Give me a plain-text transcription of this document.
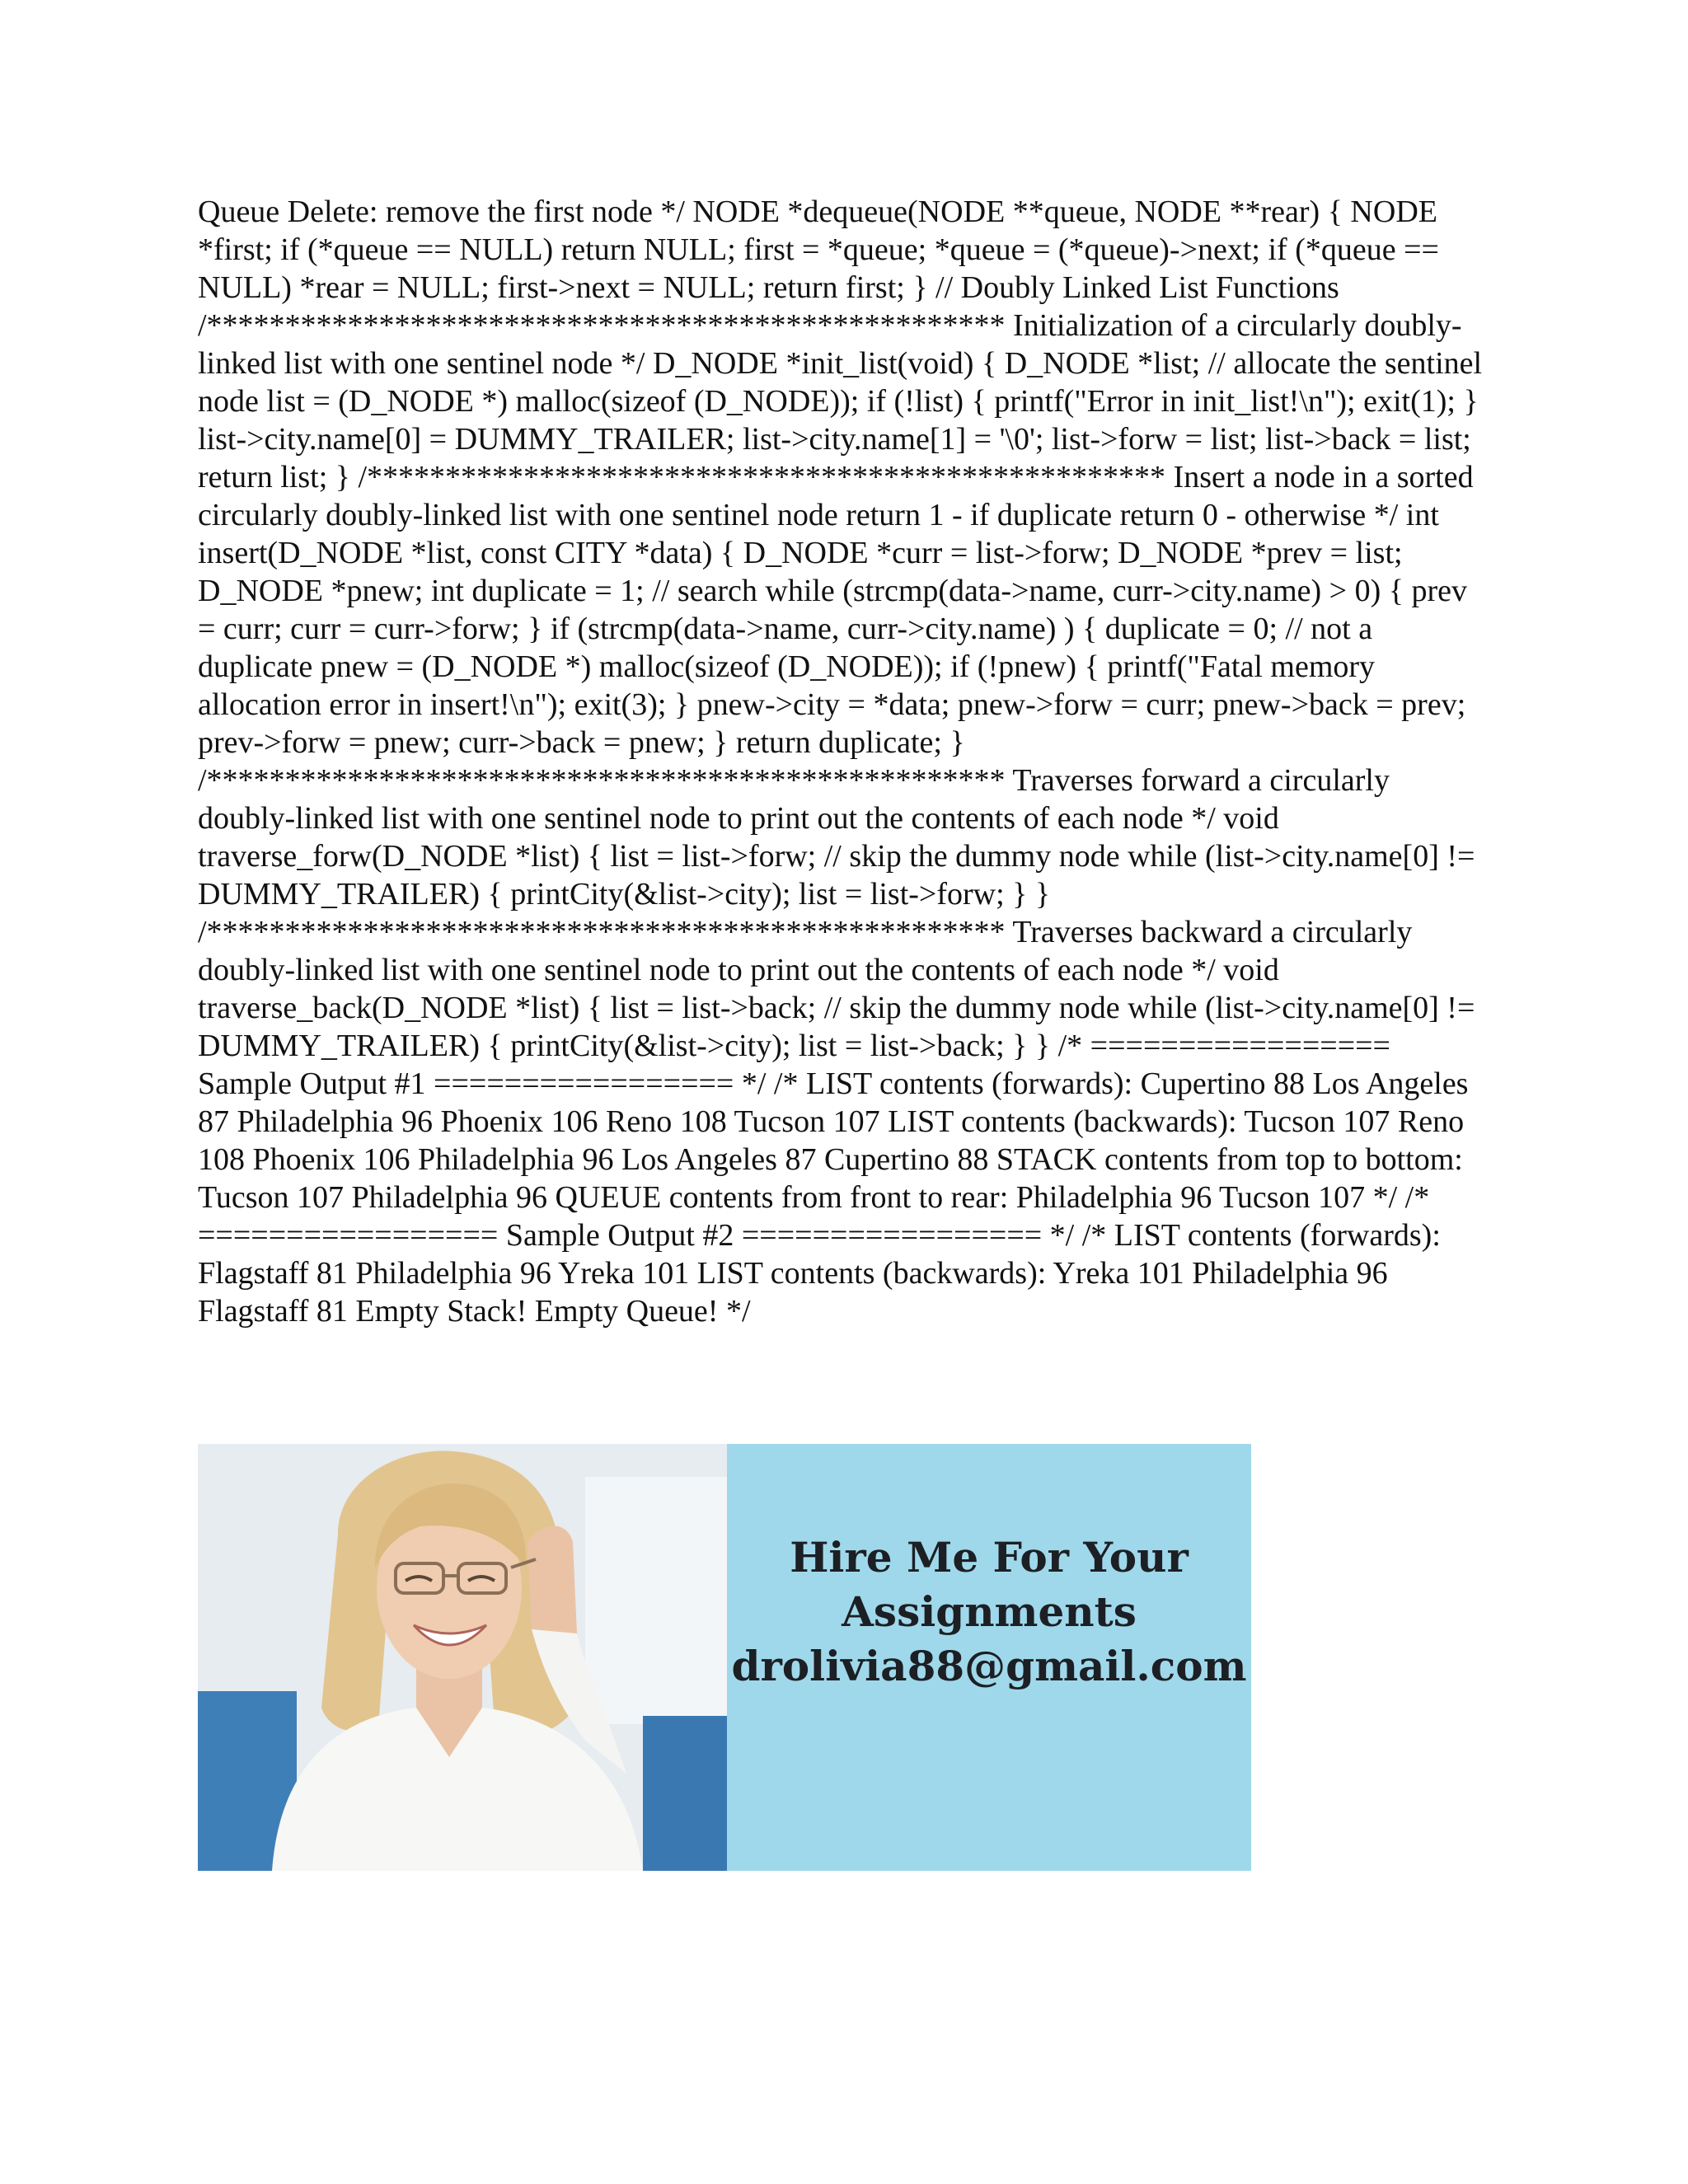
Queue Delete: remove the first node */ NODE *dequeue(NODE **queue, NODE **rear) { NODE *first; if (*queue == NULL) return NULL; first = *queue; *queue = (*queue)->next; if (*queue == NULL) *rear = NULL; first->next = NULL; return first; } // Doubly Linked List Functions /*************************************************** Initialization of a circularly doubly-linked list with one sentinel node */ D_NODE *init_list(void) { D_NODE *list; // allocate the sentinel node list = (D_NODE *) malloc(sizeof (D_NODE)); if (!list) { printf("Error in init_list!\n"); exit(1); } list->city.name[0] = DUMMY_TRAILER; list->city.name[1] = '\0'; list->forw = list; list->back = list; return list; } /*************************************************** Insert a node in a sorted circularly doubly-linked list with one sentinel node return 1 - if duplicate return 0 - otherwise */ int insert(D_NODE *list, const CITY *data) { D_NODE *curr = list->forw; D_NODE *prev = list; D_NODE *pnew; int duplicate = 1; // search while (strcmp(data->name, curr->city.name) > 0) { prev = curr; curr = curr->forw; } if (strcmp(data->name, curr->city.name) ) { duplicate = 0; // not a duplicate pnew = (D_NODE *) malloc(sizeof (D_NODE)); if (!pnew) { printf("Fatal memory allocation error in insert!\n"); exit(3); } pnew->city = *data; pnew->forw = curr; pnew->back = prev; prev->forw = pnew; curr->back = pnew; } return duplicate; } /*************************************************** Traverses forward a circularly doubly-linked list with one sentinel node to print out the contents of each node */ void traverse_forw(D_NODE *list) { list = list->forw; // skip the dummy node while (list->city.name[0] != DUMMY_TRAILER) { printCity(&list->city); list = list->forw; } } /*************************************************** Traverses backward a circularly doubly-linked list with one sentinel node to print out the contents of each node */ void traverse_back(D_NODE *list) { list = list->back; // skip the dummy node while (list->city.name[0] != DUMMY_TRAILER) { printCity(&list->city); list = list->back; } } /* ================= Sample Output #1 ================= */ /* LIST contents (forwards): Cupertino 88 Los Angeles 87 Philadelphia 96 Phoenix 106 Reno 108 Tucson 107 LIST contents (backwards): Tucson 107 Reno 108 Phoenix 106 Philadelphia 96 Los Angeles 87 Cupertino 88 STACK contents from top to bottom: Tucson 107 Philadelphia 96 QUEUE contents from front to rear: Philadelphia 96 Tucson 107 */ /* ================= Sample Output #2 ================= */ /* LIST contents (forwards): Flagstaff 81 Philadelphia 96 Yreka 101 LIST contents (backwards): Yreka 101 Philadelphia 96 Flagstaff 81 Empty Stack! Empty Queue! */

Hire Me For Your
Assignments
drolivia88@gmail.com
